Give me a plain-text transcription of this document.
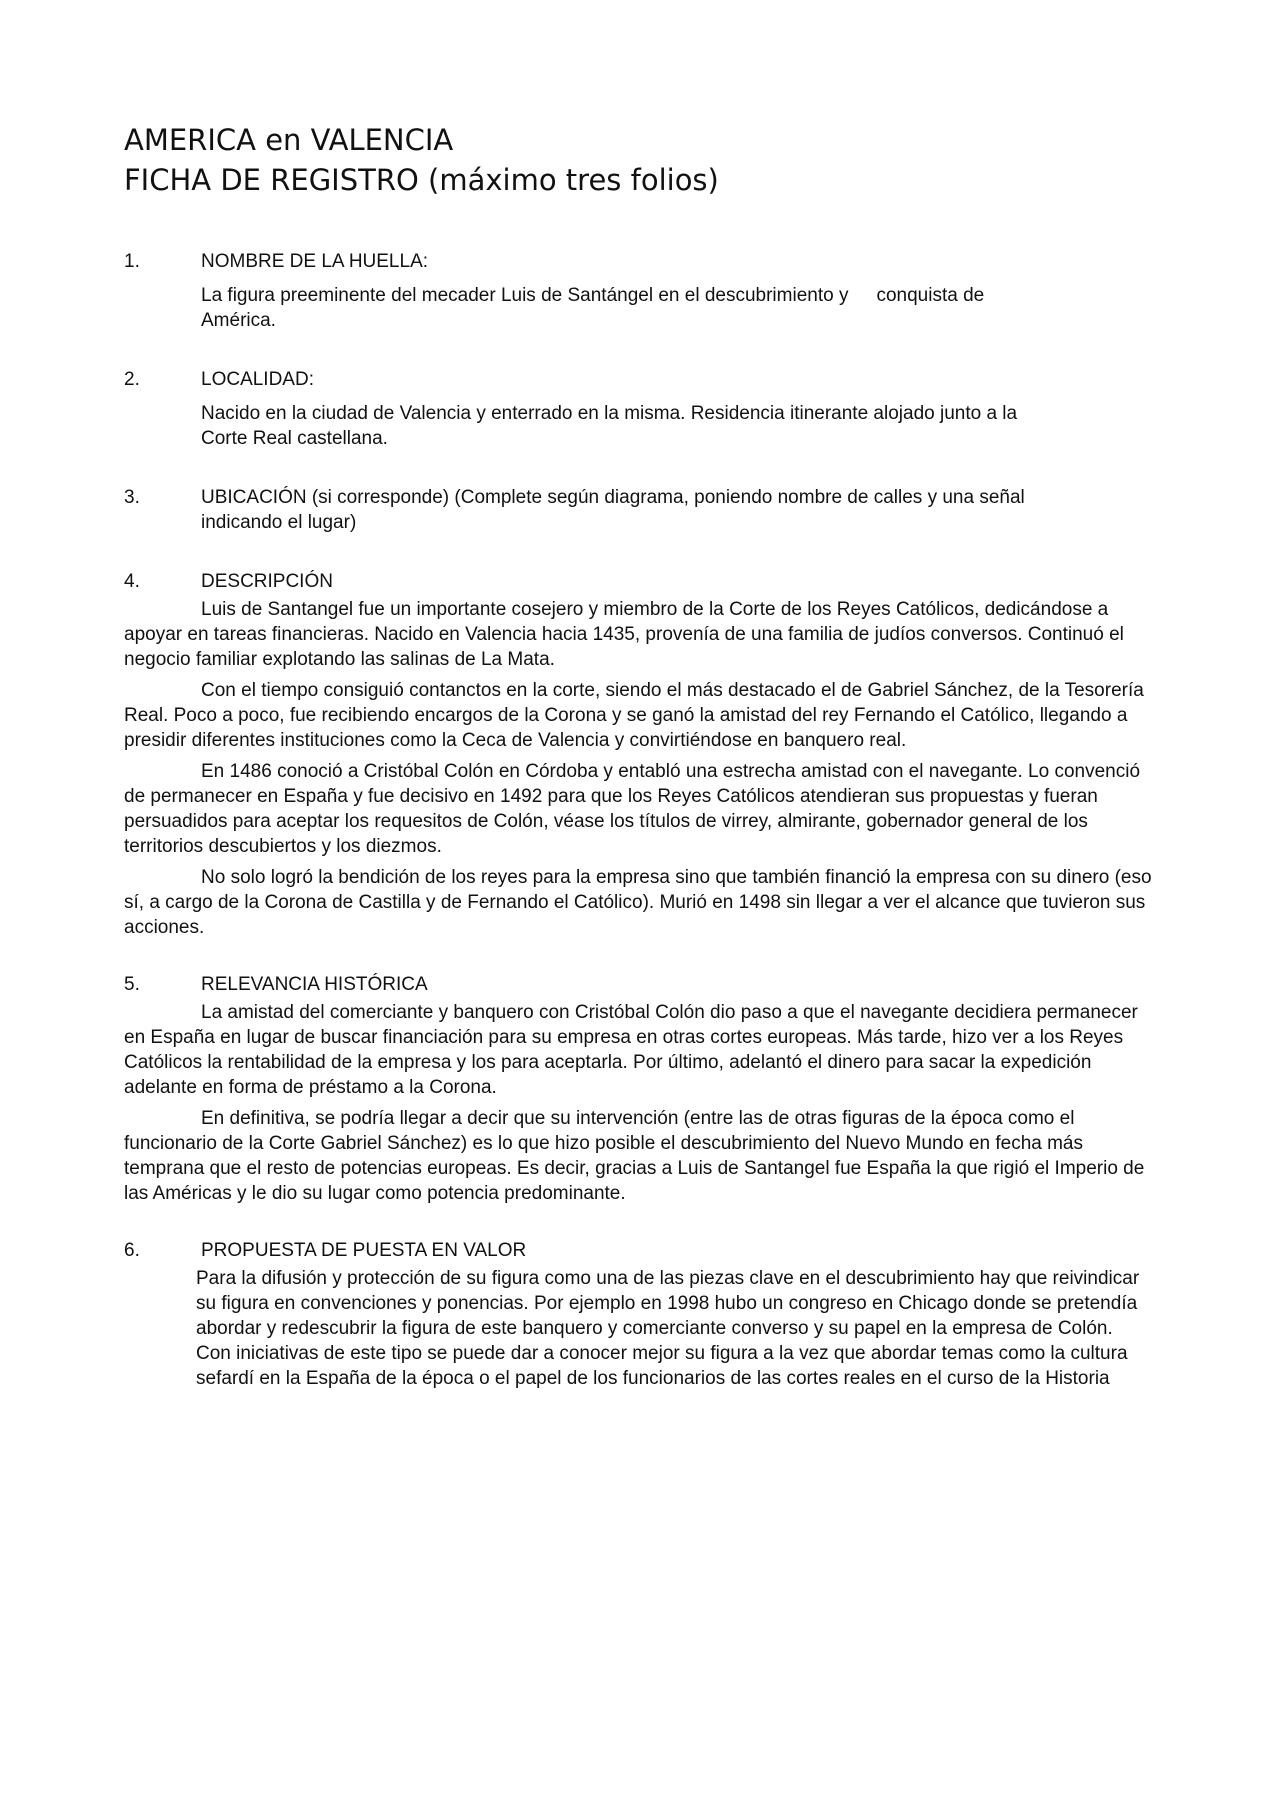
AMERICA en VALENCIA
FICHA DE REGISTRO (máximo tres folios)
1.	NOMBRE DE LA HUELLA:
La figura preeminente del mecader Luis de Santángel en el descubrimiento y conquista de
América.
2.	LOCALIDAD:
Nacido en la ciudad de Valencia y enterrado en la misma. Residencia itinerante alojado junto a la
Corte Real castellana.
3.	UBICACIÓN (si corresponde) (Complete según diagrama, poniendo nombre de calles y una señal
indicando el lugar)
4.	DESCRIPCIÓN

Luis de Santangel fue un importante cosejero y miembro de la Corte de los Reyes Católicos, dedicándose a apoyar en tareas financieras. Nacido en Valencia hacia 1435, provenía de una familia de judíos conversos. Continuó el negocio familiar explotando las salinas de La Mata.

Con el tiempo consiguió contanctos en la corte, siendo el más destacado el de Gabriel Sánchez, de la Tesorería Real. Poco a poco, fue recibiendo encargos de la Corona y se ganó la amistad del rey Fernando el Católico, llegando a presidir diferentes instituciones como la Ceca de Valencia y convirtiéndose en banquero real.

En 1486 conoció a Cristóbal Colón en Córdoba y entabló una estrecha amistad con el navegante. Lo convenció de permanecer en España y fue decisivo en 1492 para que los Reyes Católicos atendieran sus propuestas y fueran persuadidos para aceptar los requesitos de Colón, véase los títulos de virrey, almirante, gobernador general de los territorios descubiertos y los diezmos.

No solo logró la bendición de los reyes para la empresa sino que también financió la empresa con su dinero (eso sí, a cargo de la Corona de Castilla y de Fernando el Católico). Murió en 1498 sin llegar a ver el alcance que tuvieron sus acciones.

5.	RELEVANCIA HISTÓRICA

La amistad del comerciante y banquero con Cristóbal Colón dio paso a que el navegante decidiera permanecer en España en lugar de buscar financiación para su empresa en otras cortes europeas. Más tarde, hizo ver a los Reyes Católicos la rentabilidad de la empresa y los para aceptarla. Por último, adelantó el dinero para sacar la expedición adelante en forma de préstamo a la Corona.

En definitiva, se podría llegar a decir que su intervención (entre las de otras figuras de la época como el funcionario de la Corte Gabriel Sánchez) es lo que hizo posible el descubrimiento del Nuevo Mundo en fecha más temprana que el resto de potencias europeas. Es decir, gracias a Luis de Santangel fue España la que rigió el Imperio de las Américas y le dio su lugar como potencia predominante.

6.	PROPUESTA DE PUESTA EN VALOR
Para la difusión y protección de su figura como una de las piezas clave en el descubrimiento hay que reivindicar su figura en convenciones y ponencias. Por ejemplo en 1998 hubo un congreso en Chicago donde se pretendía abordar y redescubrir la figura de este banquero y comerciante converso y su papel en la empresa de Colón. Con iniciativas de este tipo se puede dar a conocer mejor su figura a la vez que abordar temas como la cultura sefardí en la España de la época o el papel de los funcionarios de las cortes reales en el curso de la Historia
